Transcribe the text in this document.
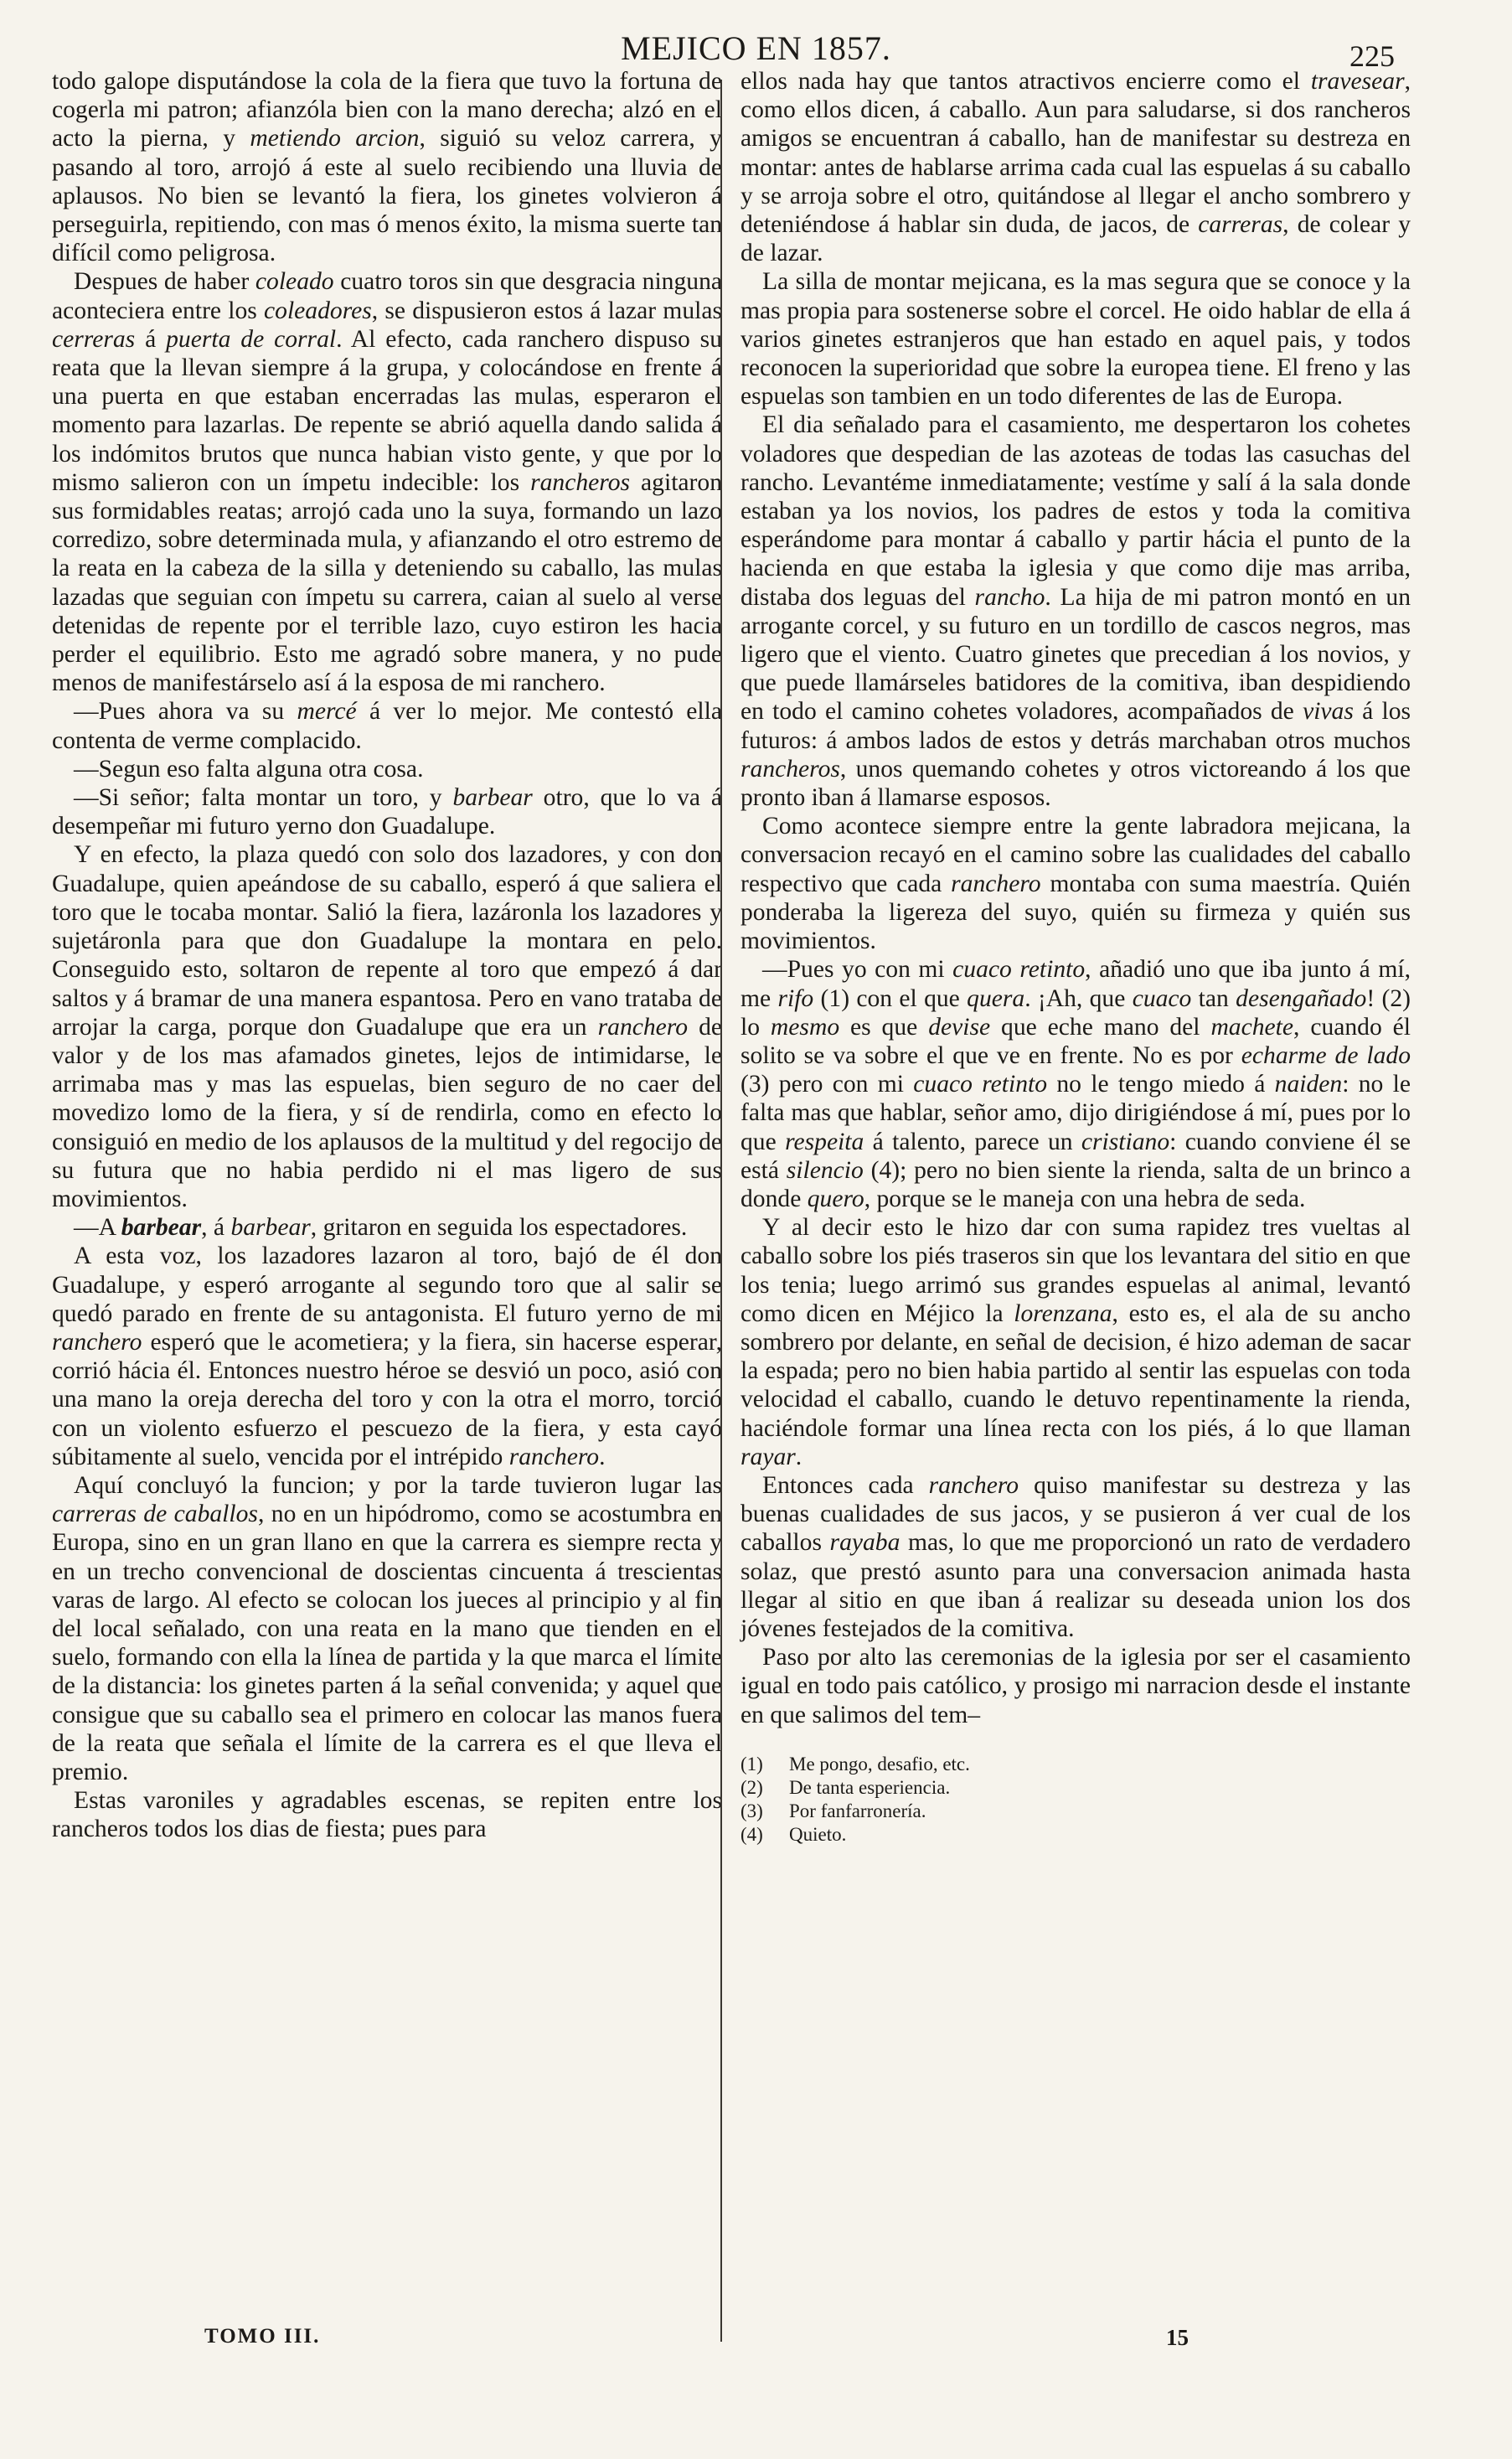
MEJICO EN 1857.	225

todo galope disputándose la cola de la fiera que tuvo la fortuna de cogerla mi patron; afianzóla bien con la mano derecha; alzó en el acto la pierna, y metiendo arcion, siguió su veloz carrera, y pasando al toro, arrojó á este al suelo recibiendo una lluvia de aplausos. No bien se levantó la fiera, los ginetes volvieron á perseguirla, repitiendo, con mas ó menos éxito, la misma suerte tan difícil como peligrosa.

Despues de haber coleado cuatro toros sin que desgracia ninguna aconteciera entre los coleadores, se dispusieron estos á lazar mulas cerreras á puerta de corral. Al efecto, cada ranchero dispuso su reata que la llevan siempre á la grupa, y colocándose en frente á una puerta en que estaban encerradas las mulas, esperaron el momento para lazarlas. De repente se abrió aquella dando salida á los indómitos brutos que nunca habian visto gente, y que por lo mismo salieron con un ímpetu indecible: los rancheros agitaron sus formidables reatas; arrojó cada uno la suya, formando un lazo corredizo, sobre determinada mula, y afianzando el otro estremo de la reata en la cabeza de la silla y deteniendo su caballo, las mulas lazadas que seguian con ímpetu su carrera, caian al suelo al verse detenidas de repente por el terrible lazo, cuyo estiron les hacia perder el equilibrio. Esto me agradó sobre manera, y no pude menos de manifestárselo así á la esposa de mi ranchero.

—Pues ahora va su mercé á ver lo mejor. Me contestó ella contenta de verme complacido.

—Segun eso falta alguna otra cosa.

—Si señor; falta montar un toro, y barbear otro, que lo va á desempeñar mi futuro yerno don Guadalupe.

Y en efecto, la plaza quedó con solo dos lazadores, y con don Guadalupe, quien apeándose de su caballo, esperó á que saliera el toro que le tocaba montar. Salió la fiera, lazáronla los lazadores y sujetáronla para que don Guadalupe la montara en pelo. Conseguido esto, soltaron de repente al toro que empezó á dar saltos y á bramar de una manera espantosa. Pero en vano trataba de arrojar la carga, porque don Guadalupe que era un ranchero de valor y de los mas afamados ginetes, lejos de intimidarse, le arrimaba mas y mas las espuelas, bien seguro de no caer del movedizo lomo de la fiera, y sí de rendirla, como en efecto lo consiguió en medio de los aplausos de la multitud y del regocijo de su futura que no habia perdido ni el mas ligero de sus movimientos.

—A barbear, á barbear, gritaron en seguida los espectadores.

A esta voz, los lazadores lazaron al toro, bajó de él don Guadalupe, y esperó arrogante al segundo toro que al salir se quedó parado en frente de su antagonista. El futuro yerno de mi ranchero esperó que le acometiera; y la fiera, sin hacerse esperar, corrió hácia él. Entonces nuestro héroe se desvió un poco, asió con una mano la oreja derecha del toro y con la otra el morro, torció con un violento esfuerzo el pescuezo de la fiera, y esta cayó súbitamente al suelo, vencida por el intrépido ranchero.

Aquí concluyó la funcion; y por la tarde tuvieron lugar las carreras de caballos, no en un hipódromo, como se acostumbra en Europa, sino en un gran llano en que la carrera es siempre recta y en un trecho convencional de doscientas cincuenta á trescientas varas de largo. Al efecto se colocan los jueces al principio y al fin del local señalado, con una reata en la mano que tienden en el suelo, formando con ella la línea de partida y la que marca el límite de la distancia: los ginetes parten á la señal convenida; y aquel que consigue que su caballo sea el primero en colocar las manos fuera de la reata que señala el límite de la carrera es el que lleva el premio.

Estas varoniles y agradables escenas, se repiten entre los rancheros todos los dias de fiesta; pues para

ellos nada hay que tantos atractivos encierre como el travesear, como ellos dicen, á caballo. Aun para saludarse, si dos rancheros amigos se encuentran á caballo, han de manifestar su destreza en montar: antes de hablarse arrima cada cual las espuelas á su caballo y se arroja sobre el otro, quitándose al llegar el ancho sombrero y deteniéndose á hablar sin duda, de jacos, de carreras, de colear y de lazar.

La silla de montar mejicana, es la mas segura que se conoce y la mas propia para sostenerse sobre el corcel. He oido hablar de ella á varios ginetes estranjeros que han estado en aquel pais, y todos reconocen la superioridad que sobre la europea tiene. El freno y las espuelas son tambien en un todo diferentes de las de Europa.

El dia señalado para el casamiento, me despertaron los cohetes voladores que despedian de las azoteas de todas las casuchas del rancho. Levantéme inmediatamente; vestíme y salí á la sala donde estaban ya los novios, los padres de estos y toda la comitiva esperándome para montar á caballo y partir hácia el punto de la hacienda en que estaba la iglesia y que como dije mas arriba, distaba dos leguas del rancho. La hija de mi patron montó en un arrogante corcel, y su futuro en un tordillo de cascos negros, mas ligero que el viento. Cuatro ginetes que precedian á los novios, y que puede llamárseles batidores de la comitiva, iban despidiendo en todo el camino cohetes voladores, acompañados de vivas á los futuros: á ambos lados de estos y detrás marchaban otros muchos rancheros, unos quemando cohetes y otros victoreando á los que pronto iban á llamarse esposos.

Como acontece siempre entre la gente labradora mejicana, la conversacion recayó en el camino sobre las cualidades del caballo respectivo que cada ranchero montaba con suma maestría. Quién ponderaba la ligereza del suyo, quién su firmeza y quién sus movimientos.

—Pues yo con mi cuaco retinto, añadió uno que iba junto á mí, me rifo (1) con el que quera. ¡Ah, que cuaco tan desengañado! (2) lo mesmo es que devise que eche mano del machete, cuando él solito se va sobre el que ve en frente. No es por echarme de lado (3) pero con mi cuaco retinto no le tengo miedo á naiden: no le falta mas que hablar, señor amo, dijo dirigiéndose á mí, pues por lo que respeita á talento, parece un cristiano: cuando conviene él se está silencio (4); pero no bien siente la rienda, salta de un brinco a donde quero, porque se le maneja con una hebra de seda.

Y al decir esto le hizo dar con suma rapidez tres vueltas al caballo sobre los piés traseros sin que los levantara del sitio en que los tenia; luego arrimó sus grandes espuelas al animal, levantó como dicen en Méjico la lorenzana, esto es, el ala de su ancho sombrero por delante, en señal de decision, é hizo ademan de sacar la espada; pero no bien habia partido al sentir las espuelas con toda velocidad el caballo, cuando le detuvo repentinamente la rienda, haciéndole formar una línea recta con los piés, á lo que llaman rayar.

Entonces cada ranchero quiso manifestar su destreza y las buenas cualidades de sus jacos, y se pusieron á ver cual de los caballos rayaba mas, lo que me proporcionó un rato de verdadero solaz, que prestó asunto para una conversacion animada hasta llegar al sitio en que iban á realizar su deseada union los dos jóvenes festejados de la comitiva.

Paso por alto las ceremonias de la iglesia por ser el casamiento igual en todo pais católico, y prosigo mi narracion desde el instante en que salimos del tem–

(1)	Me pongo, desafio, etc.
(2)	De tanta esperiencia.
(3)	Por fanfarronería.
(4)	Quieto.
TOMO III.	15
